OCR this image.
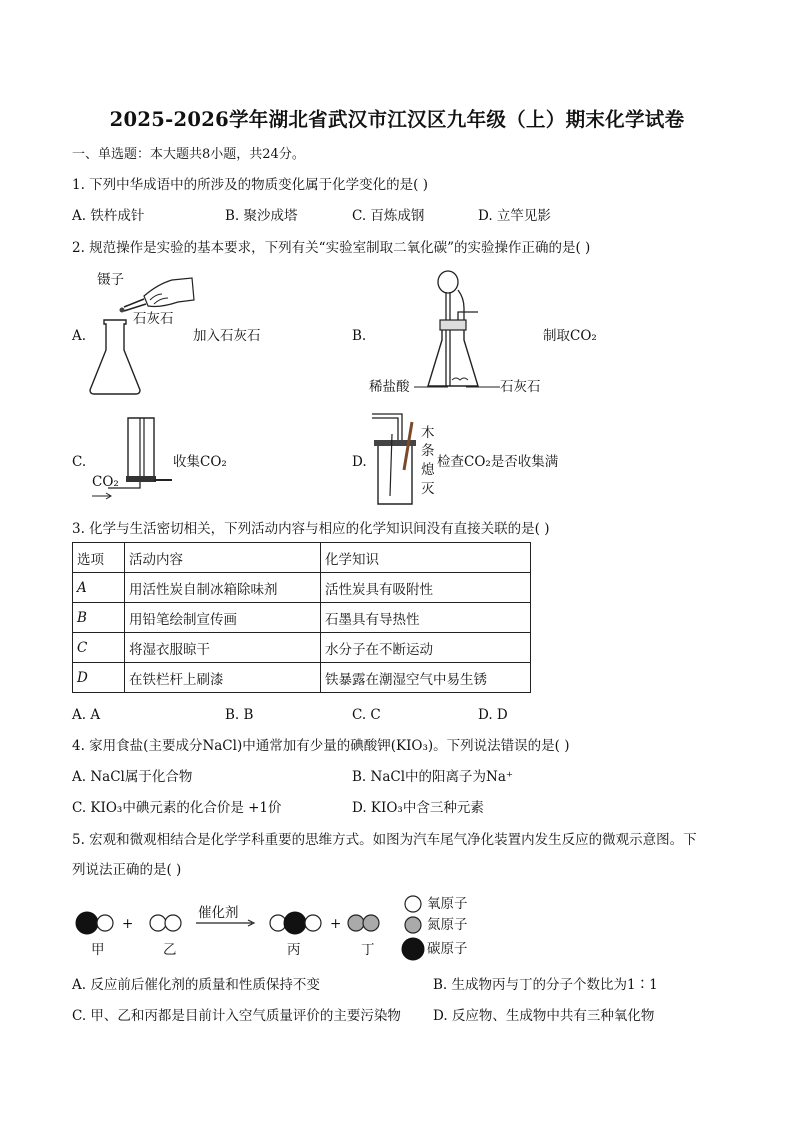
2025-2026学年湖北省武汉市江汉区九年级（上）期末化学试卷
一、单选题：本大题共8小题，共24分。
1. 下列中华成语中的所涉及的物质变化属于化学变化的是( )
A. 铁杵成针	B. 聚沙成塔	C. 百炼成钢	D. 立竿见影
2. 规范操作是实验的基本要求，下列有关“实验室制取二氧化碳”的实验操作正确的是( )
A.
镊子
石灰石
加入石灰石	B.
稀盐酸	石灰石
制取CO₂
C.
CO₂
收集CO₂	D.
木
条
熄
灭
检查CO₂是否收集满
3. 化学与生活密切相关，下列活动内容与相应的化学知识间没有直接关联的是( )
选项	活动内容	化学知识
A	用活性炭自制冰箱除味剂	活性炭具有吸附性
B	用铅笔绘制宣传画	石墨具有导热性
C	将湿衣服晾干	水分子在不断运动
D	在铁栏杆上刷漆	铁暴露在潮湿空气中易生锈
A. A	B. B	C. C	D. D
4. 家用食盐(主要成分NaCl)中通常加有少量的碘酸钾(KIO₃)。下列说法错误的是( )
A. NaCl属于化合物	B. NaCl中的阳离子为Na⁺
C. KIO₃中碘元素的化合价是 +1价	D. KIO₃中含三种元素
5. 宏观和微观相结合是化学学科重要的思维方式。如图为汽车尾气净化装置内发生反应的微观示意图。下
列说法正确的是( )
+	+
催化剂
甲	乙	丙	丁
氧原子
氮原子
碳原子
A. 反应前后催化剂的质量和性质保持不变	B. 生成物丙与丁的分子个数比为1∶1
C. 甲、乙和丙都是目前计入空气质量评价的主要污染物 D. 反应物、生成物中共有三种氧化物
